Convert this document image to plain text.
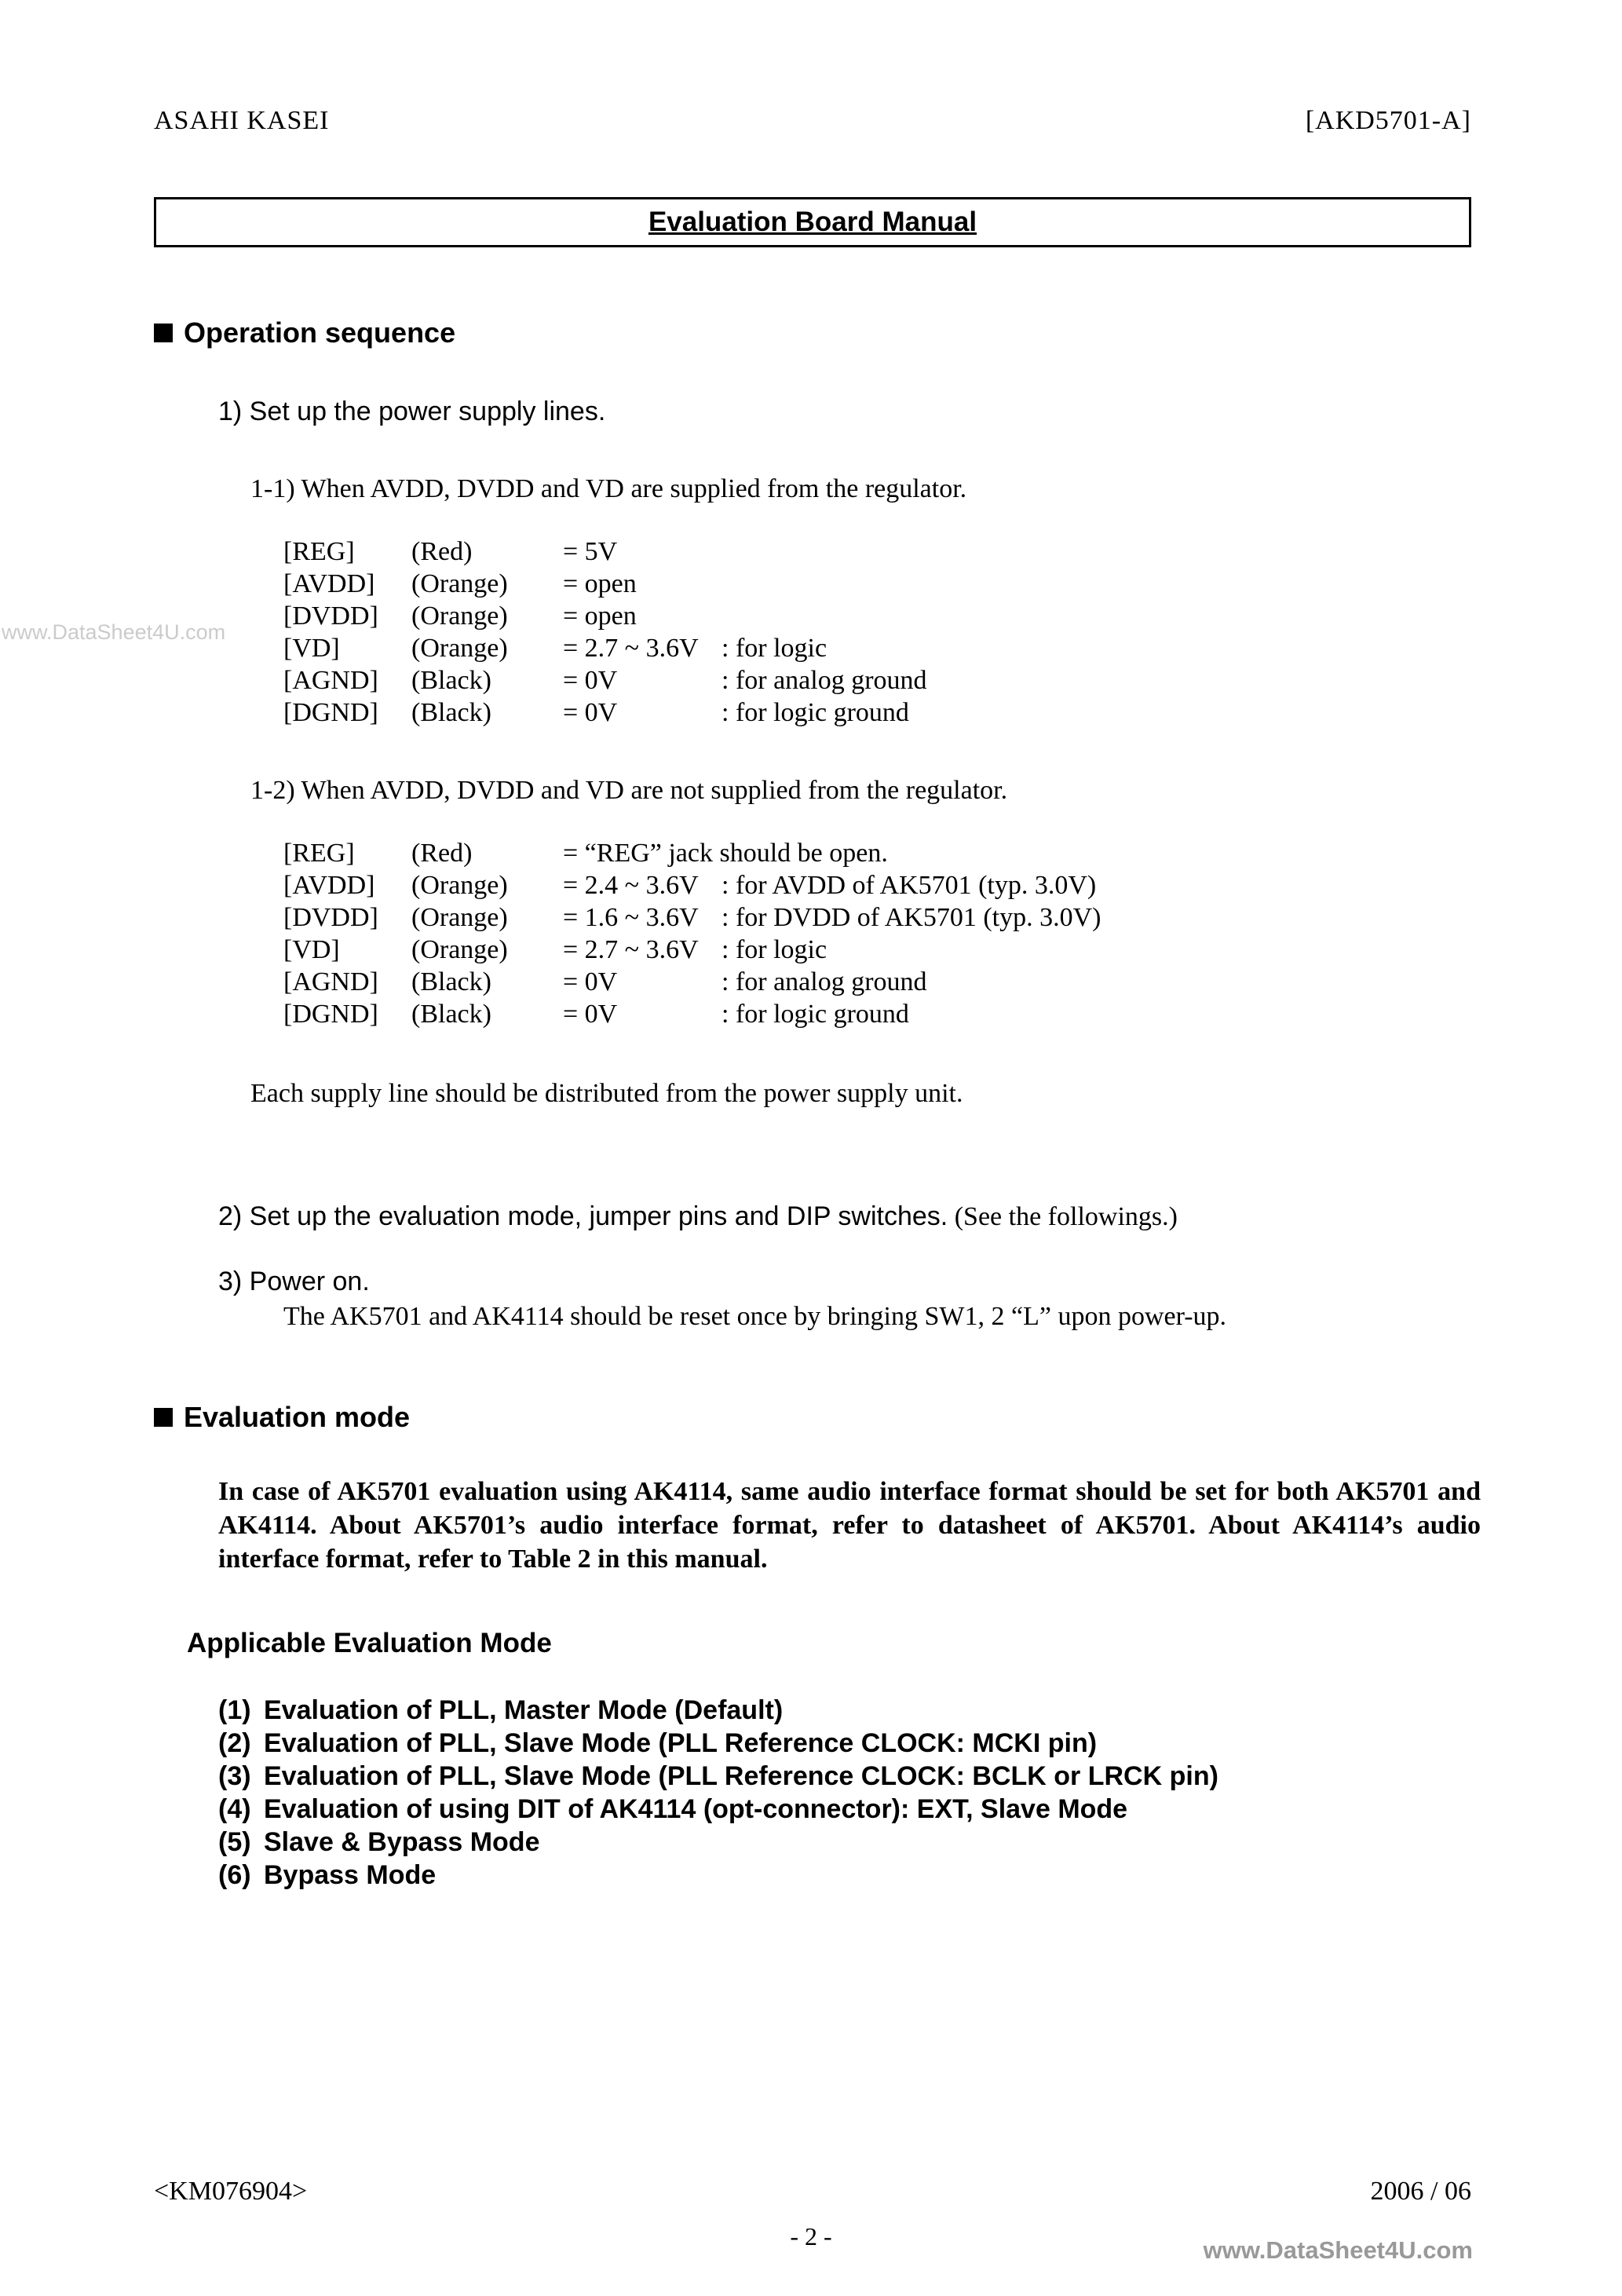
www.DataSheet4U.com
ASAHI KASEI	[AKD5701-A]
Evaluation Board Manual
Operation sequence
1) Set up the power supply lines.
1-1) When AVDD, DVDD and VD are supplied from the regulator.
[REG]	(Red)	= 5V
[AVDD]	(Orange)	= open
[DVDD]	(Orange)	= open
[VD]	(Orange)	= 2.7 ~ 3.6V : for logic
[AGND]	(Black)	= 0V	: for analog ground
[DGND]	(Black)	= 0V	: for logic ground
1-2) When AVDD, DVDD and VD are not supplied from the regulator.
[REG]	(Red)	= “REG” jack should be open.
[AVDD]	(Orange)	= 2.4 ~ 3.6V : for AVDD of AK5701 (typ. 3.0V)
[DVDD]	(Orange)	= 1.6 ~ 3.6V : for DVDD of AK5701 (typ. 3.0V)
[VD]	(Orange)	= 2.7 ~ 3.6V : for logic
[AGND]	(Black)	= 0V	: for analog ground
[DGND]	(Black)	= 0V	: for logic ground
Each supply line should be distributed from the power supply unit.
2) Set up the evaluation mode, jumper pins and DIP switches. (See the followings.)
3) Power on.
The AK5701 and AK4114 should be reset once by bringing SW1, 2 “L” upon power-up.
Evaluation mode
In case of AK5701 evaluation using AK4114, same audio interface format should be set for both AK5701 and AK4114. About AK5701’s audio interface format, refer to datasheet of AK5701. About AK4114’s audio interface format, refer to Table 2 in this manual.
Applicable Evaluation Mode
(1) Evaluation of PLL, Master Mode (Default)
(2) Evaluation of PLL, Slave Mode (PLL Reference CLOCK: MCKI pin)
(3) Evaluation of PLL, Slave Mode (PLL Reference CLOCK: BCLK or LRCK pin)
(4) Evaluation of using DIT of AK4114 (opt-connector): EXT, Slave Mode
(5) Slave & Bypass Mode
(6) Bypass Mode
<KM076904>	2006 / 06
- 2 -	www.DataSheet4U.com
